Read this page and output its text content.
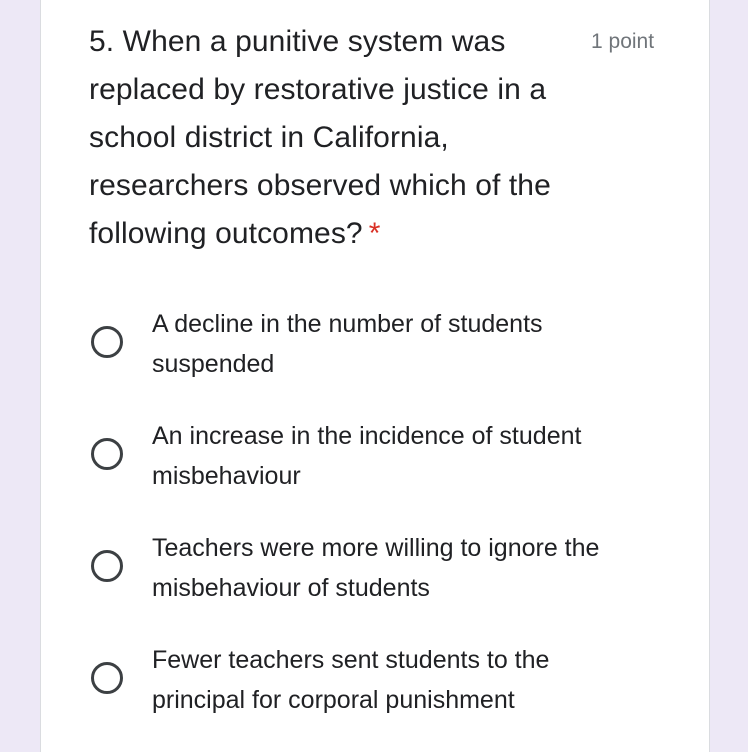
5. When a punitive system was replaced by restorative justice in a school district in California, researchers observed which of the following outcomes? *
1 point
A decline in the number of students suspended
An increase in the incidence of student misbehaviour
Teachers were more willing to ignore the misbehaviour of students
Fewer teachers sent students to the principal for corporal punishment
